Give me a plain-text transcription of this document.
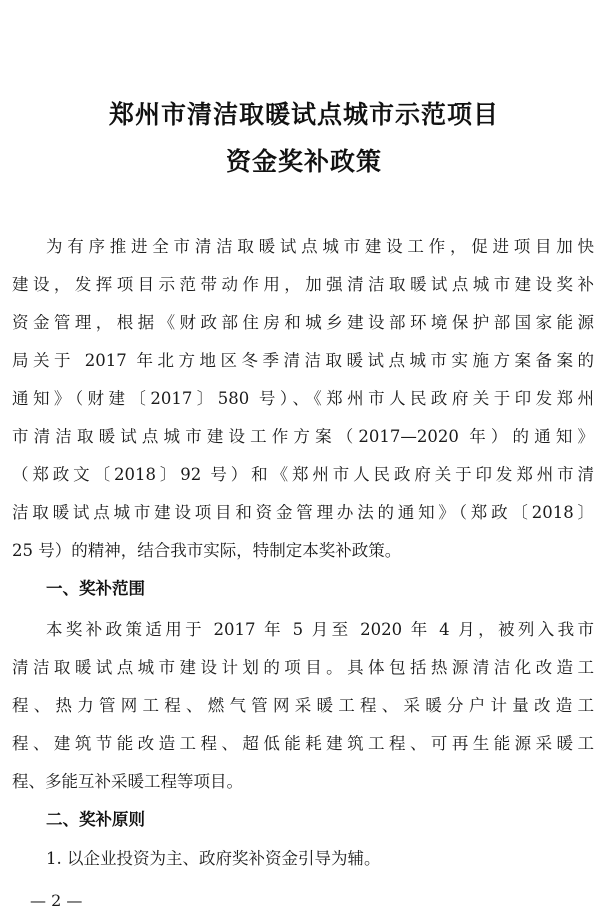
郑州市清洁取暖试点城市示范项目
资金奖补政策
为有序推进全市清洁取暖试点城市建设工作，促进项目加快
建设，发挥项目示范带动作用，加强清洁取暖试点城市建设奖补
资金管理，根据《财政部住房和城乡建设部环境保护部国家能源
局关于 2017 年北方地区冬季清洁取暖试点城市实施方案备案的
通知》（财建〔2017〕580 号）、《郑州市人民政府关于印发郑州
市清洁取暖试点城市建设工作方案（2017—2020 年）的通知》
（郑政文〔2018〕92 号）和《郑州市人民政府关于印发郑州市清
洁取暖试点城市建设项目和资金管理办法的通知》（郑政〔2018〕
25 号）的精神，结合我市实际，特制定本奖补政策。
一、奖补范围
本奖补政策适用于 2017 年 5 月至 2020 年 4 月，被列入我市
清洁取暖试点城市建设计划的项目。具体包括热源清洁化改造工
程、热力管网工程、燃气管网采暖工程、采暖分户计量改造工
程、建筑节能改造工程、超低能耗建筑工程、可再生能源采暖工
程、多能互补采暖工程等项目。
二、奖补原则
1. 以企业投资为主、政府奖补资金引导为辅。
— 2 —
